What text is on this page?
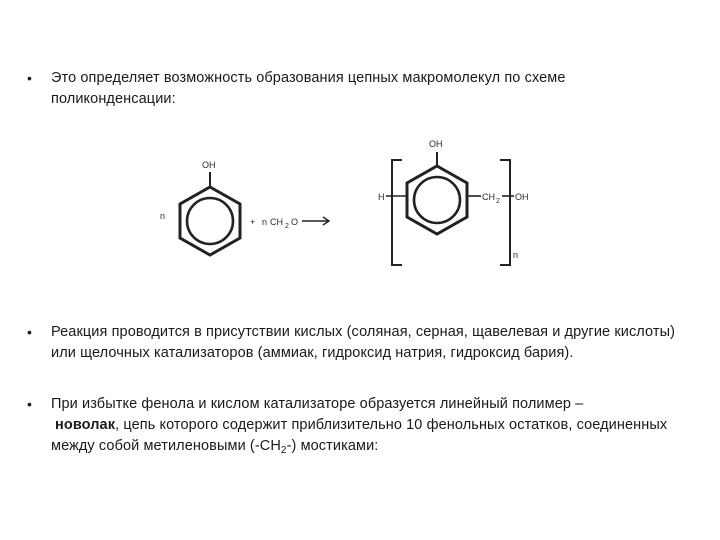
• Это определяет возможность образования цепных макромолекул по схеме поликонденсации:
OH
n
+ n CH 2 O
OH
H	CH 2 OH
n
• Реакция проводится в присутствии кислых (соляная, серная, щавелевая и другие кислоты) или щелочных катализаторов (аммиак, гидроксид натрия, гидроксид бария).
• При избытке фенола и кислом катализаторе образуется линейный полимер –
новолак, цепь которого содержит приблизительно 10 фенольных остатков, соединенных между собой метиленовыми $(-CH_2-)$ мостиками:
